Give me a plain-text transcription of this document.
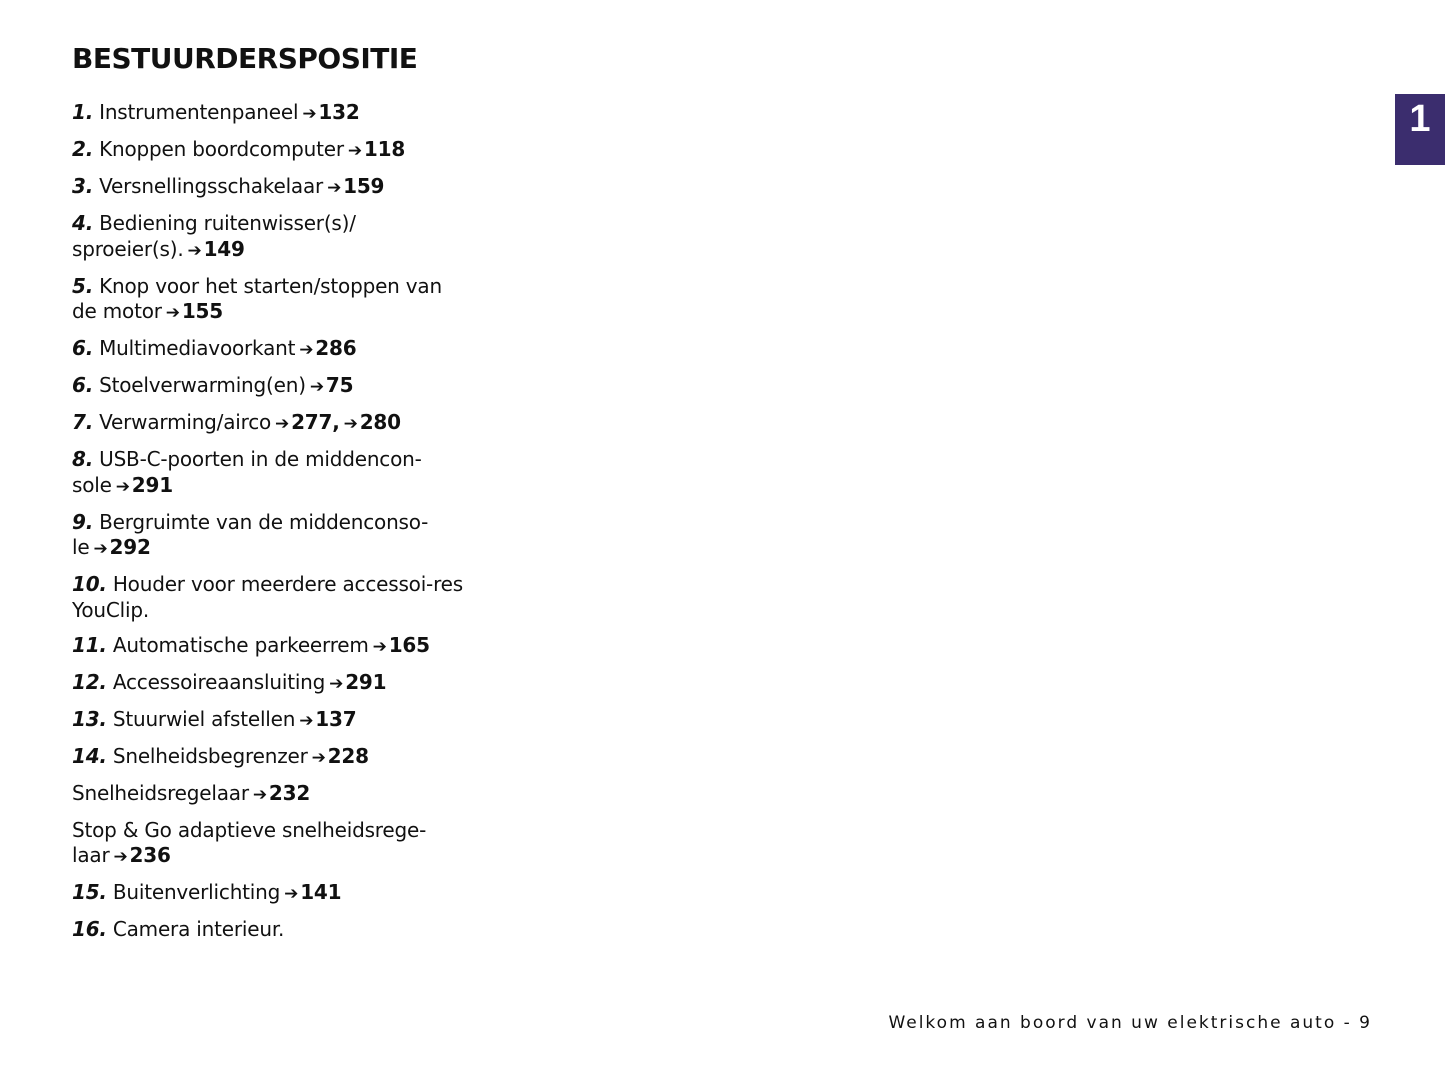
BESTUURDERSPOSITIE
1. Instrumentenpaneel ➔ 132
2. Knoppen boordcomputer ➔ 118
3. Versnellingsschakelaar ➔ 159
4. Bediening ruitenwisser(s)/ sproeier(s). ➔ 149
5. Knop voor het starten/stoppen van de motor ➔ 155
6. Multimediavoorkant ➔ 286
6. Stoelverwarming(en) ➔ 75
7. Verwarming/airco ➔ 277, ➔ 280
8. USB-C-poorten in de middencon-sole ➔ 291
9. Bergruimte van de middenconso-le ➔ 292
10. Houder voor meerdere accessoi-res YouClip.
11. Automatische parkeerrem ➔ 165
12. Accessoireaansluiting ➔ 291
13. Stuurwiel afstellen ➔ 137
14. Snelheidsbegrenzer ➔ 228
Snelheidsregelaar ➔ 232
Stop & Go adaptieve snelheidsrege-laar ➔ 236
15. Buitenverlichting ➔ 141
16. Camera interieur.
1
Welkom aan boord van uw elektrische auto - 9
